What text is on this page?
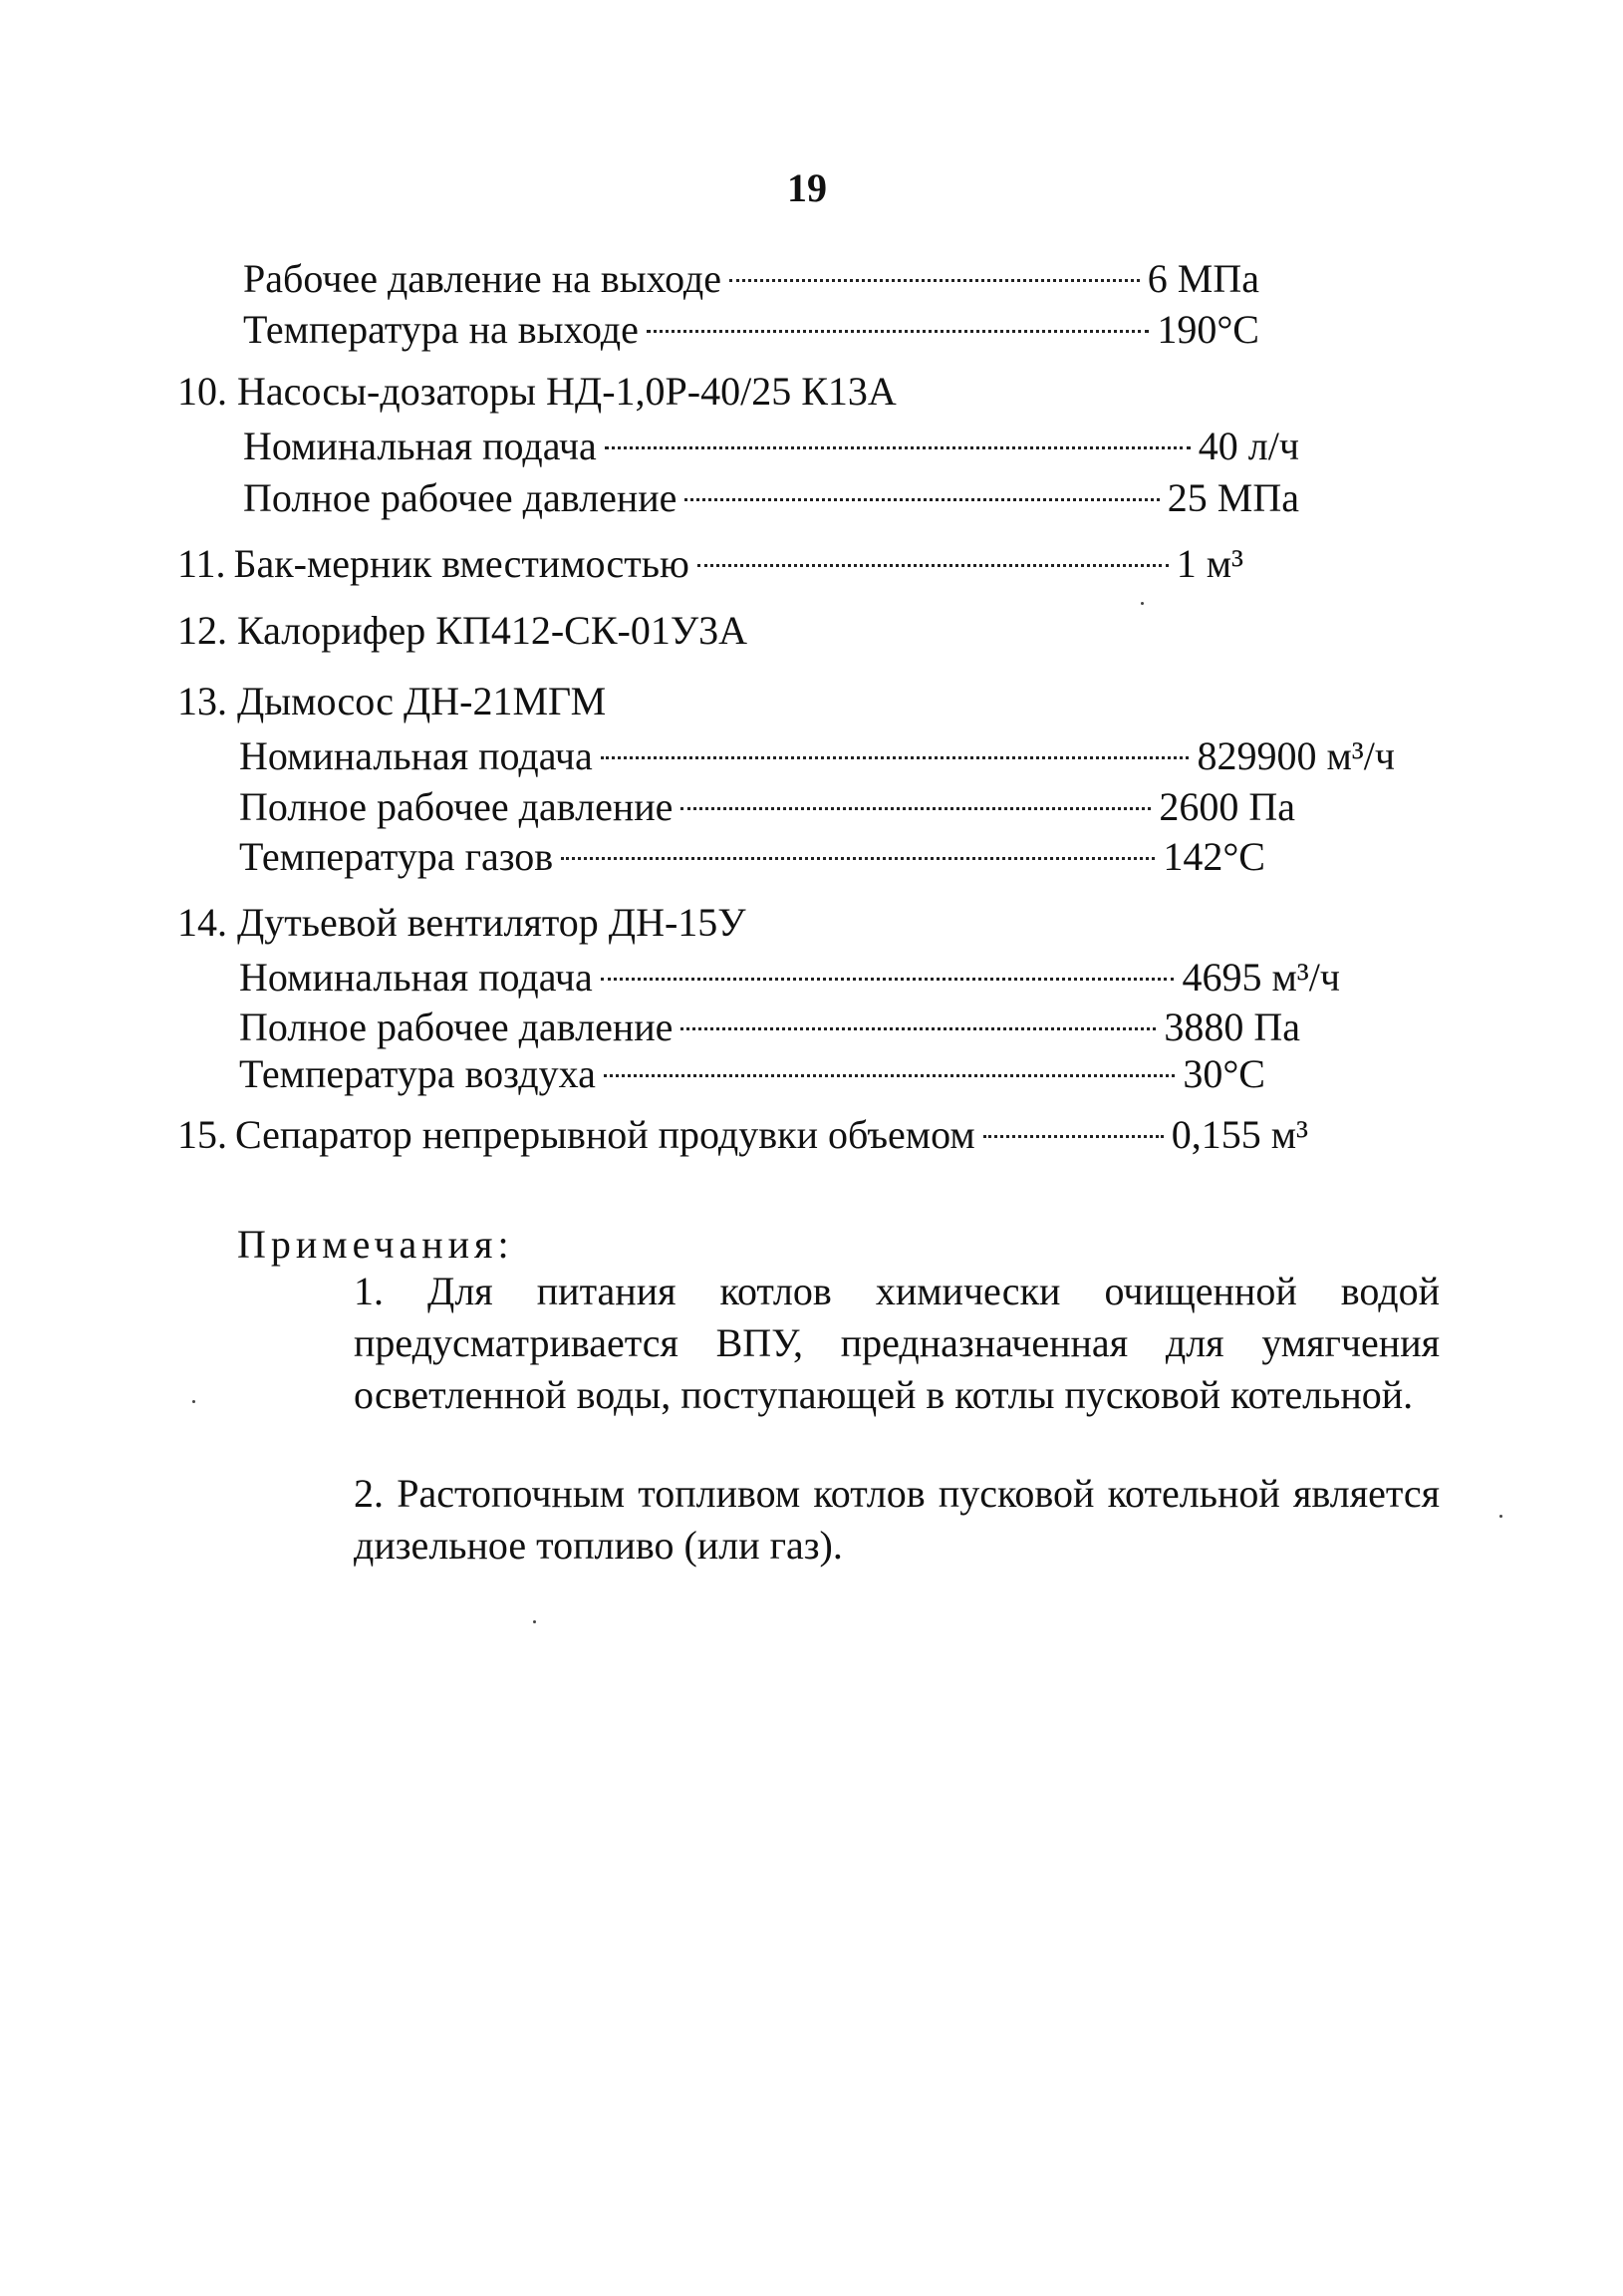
19
Рабочее давление на выходе	6 МПа
Температура на выходе	190°С
10. Насосы-дозаторы НД-1,0Р-40/25 К13А
Номинальная подача	40 л/ч
Полное рабочее давление	25 МПа
11. Бак-мерник вместимостью	1 м³
12. Калорифер КП412-СК-01У3А
13. Дымосос ДН-21МГМ
Номинальная подача	829900 м³/ч
Полное рабочее давление	2600 Па
Температура газов	142°С
14. Дутьевой вентилятор ДН-15У
Номинальная подача	4695 м³/ч
Полное рабочее давление	3880 Па
Температура воздуха	30°С
15. Сепаратор непрерывной продувки объемом	0,155 м³
Примечания:
1. Для питания котлов химически очищенной водой предусматривается ВПУ, предназначенная для умягчения осветленной воды, поступающей в котлы пусковой котельной.
2. Растопочным топливом котлов пусковой котельной является дизельное топливо (или газ).
